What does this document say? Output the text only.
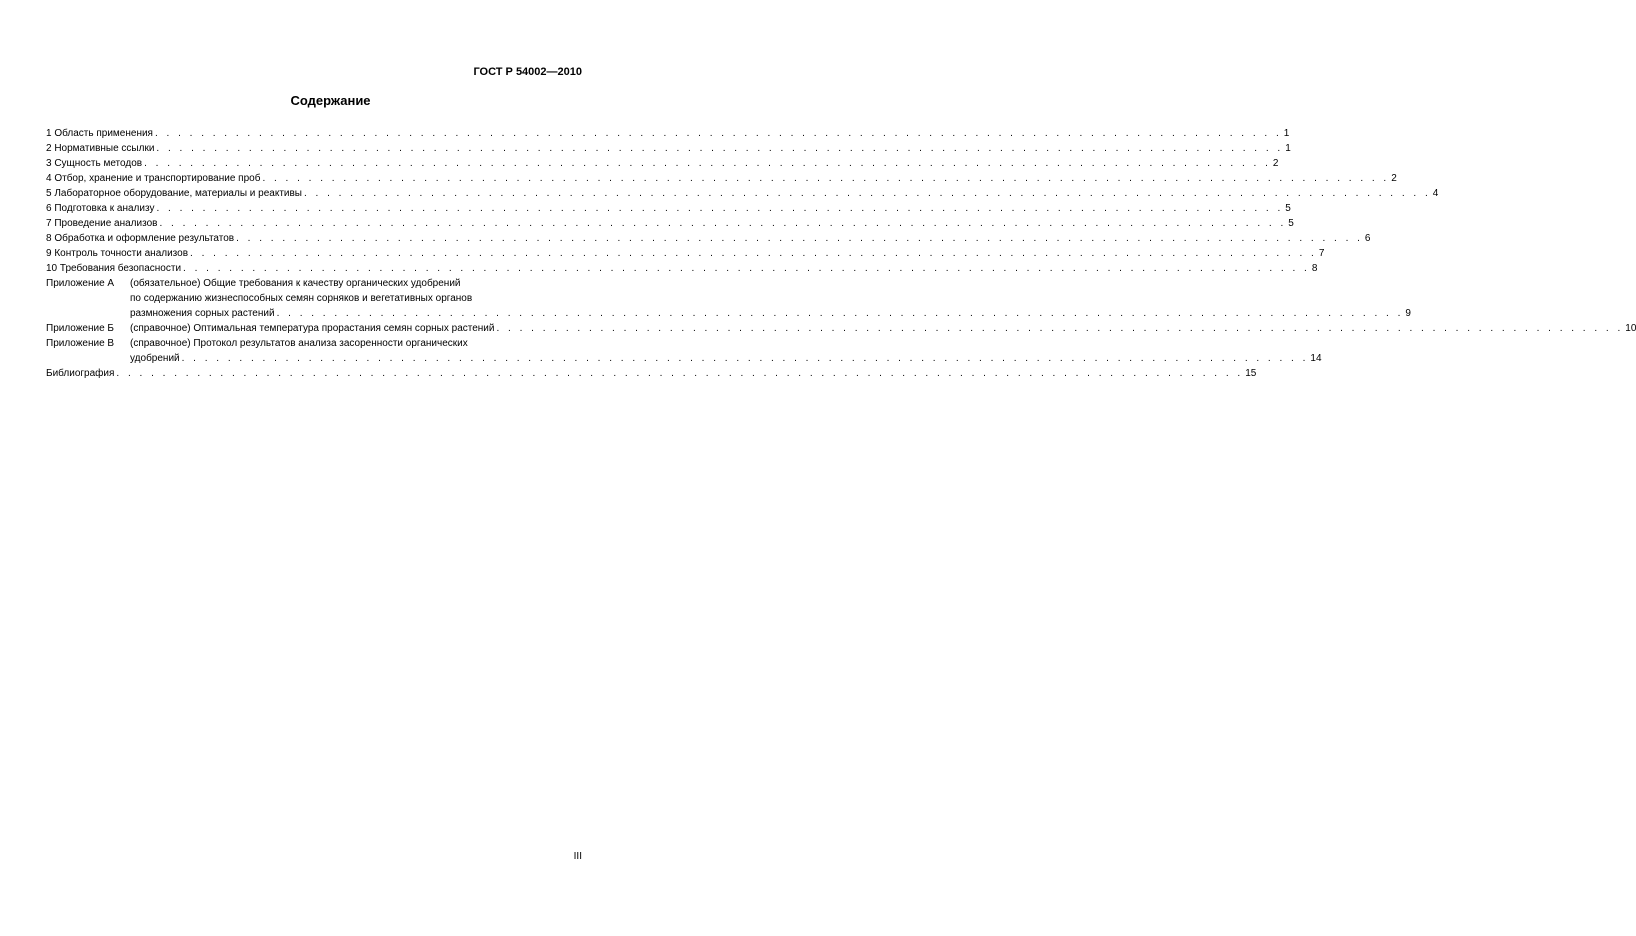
ГОСТ Р 54002—2010
Содержание
1 Область применения . . .	1
2 Нормативные ссылки . . .	1
3 Сущность методов . . .	2
4 Отбор, хранение и транспортирование проб . . .	2
5 Лабораторное оборудование, материалы и реактивы . . .	4
6 Подготовка к анализу . . .	5
7 Проведение анализов . . .	5
8 Обработка и оформление результатов . . .	6
9 Контроль точности анализов . . .	7
10 Требования безопасности . . .	8
Приложение А	(обязательное) Общие требования к качеству органических удобрений
по содержанию жизнеспособных семян сорняков и вегетативных органов
размножения сорных растений . . .	9
Приложение Б	(справочное) Оптимальная температура прорастания семян сорных растений . . .	10
Приложение В	(справочное) Протокол результатов анализа засоренности органических
удобрений . . .	14
Библиография . . .	15
III
